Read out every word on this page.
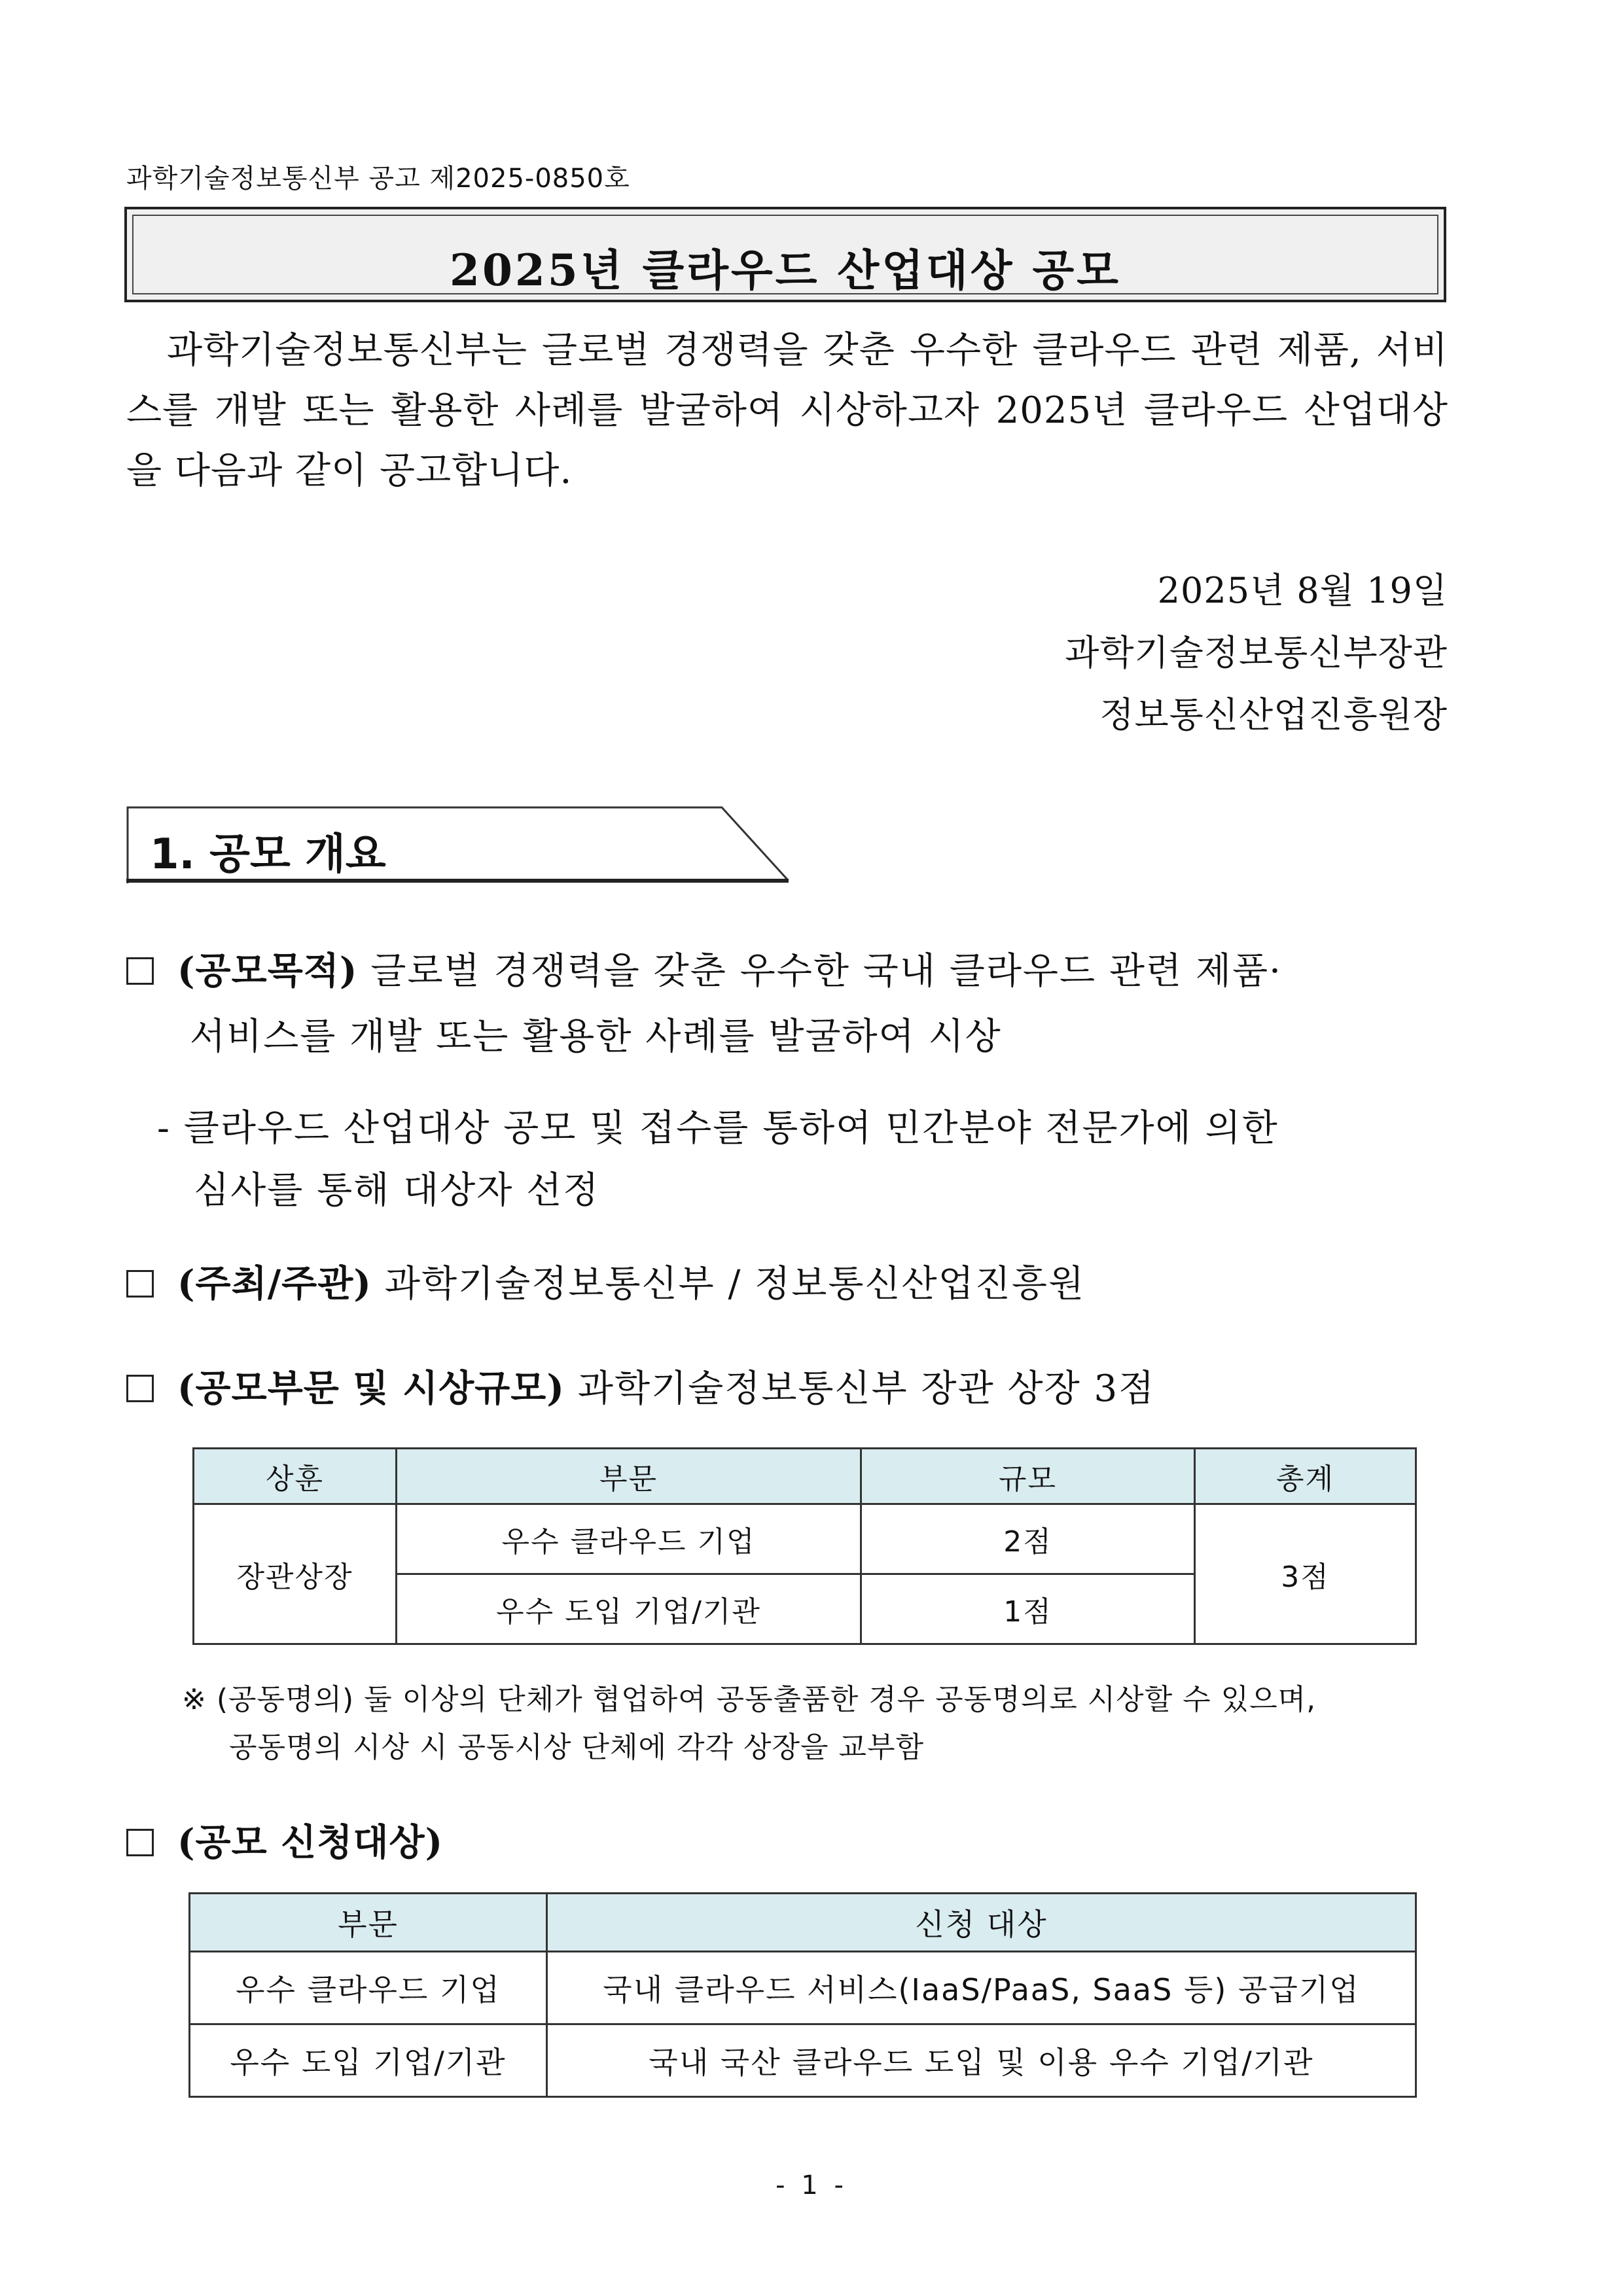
과학기술정보통신부 공고 제2025-0850호
2025년 클라우드 산업대상 공모
과학기술정보통신부는 글로벌 경쟁력을 갖춘 우수한 클라우드 관련 제품, 서비스를 개발 또는 활용한 사례를 발굴하여 시상하고자 2025년 클라우드 산업대상을 다음과 같이 공고합니다.
2025년 8월 19일
과학기술정보통신부장관
정보통신산업진흥원장
1. 공모 개요
(공모목적) 글로벌 경쟁력을 갖춘 우수한 국내 클라우드 관련 제품·
서비스를 개발 또는 활용한 사례를 발굴하여 시상
- 클라우드 산업대상 공모 및 접수를 통하여 민간분야 전문가에 의한
심사를 통해 대상자 선정
(주최/주관) 과학기술정보통신부 / 정보통신산업진흥원
(공모부문 및 시상규모) 과학기술정보통신부 장관 상장 3점
상훈	부문	규모	총계
장관상장	우수 클라우드 기업	2점	3점
	우수 도입 기업/기관	1점	
※ (공동명의) 둘 이상의 단체가 협업하여 공동출품한 경우 공동명의로 시상할 수 있으며,
공동명의 시상 시 공동시상 단체에 각각 상장을 교부함
(공모 신청대상)
부문	신청 대상
우수 클라우드 기업	국내 클라우드 서비스(IaaS/PaaS, SaaS 등) 공급기업
우수 도입 기업/기관	국내 국산 클라우드 도입 및 이용 우수 기업/기관
- 1 -
